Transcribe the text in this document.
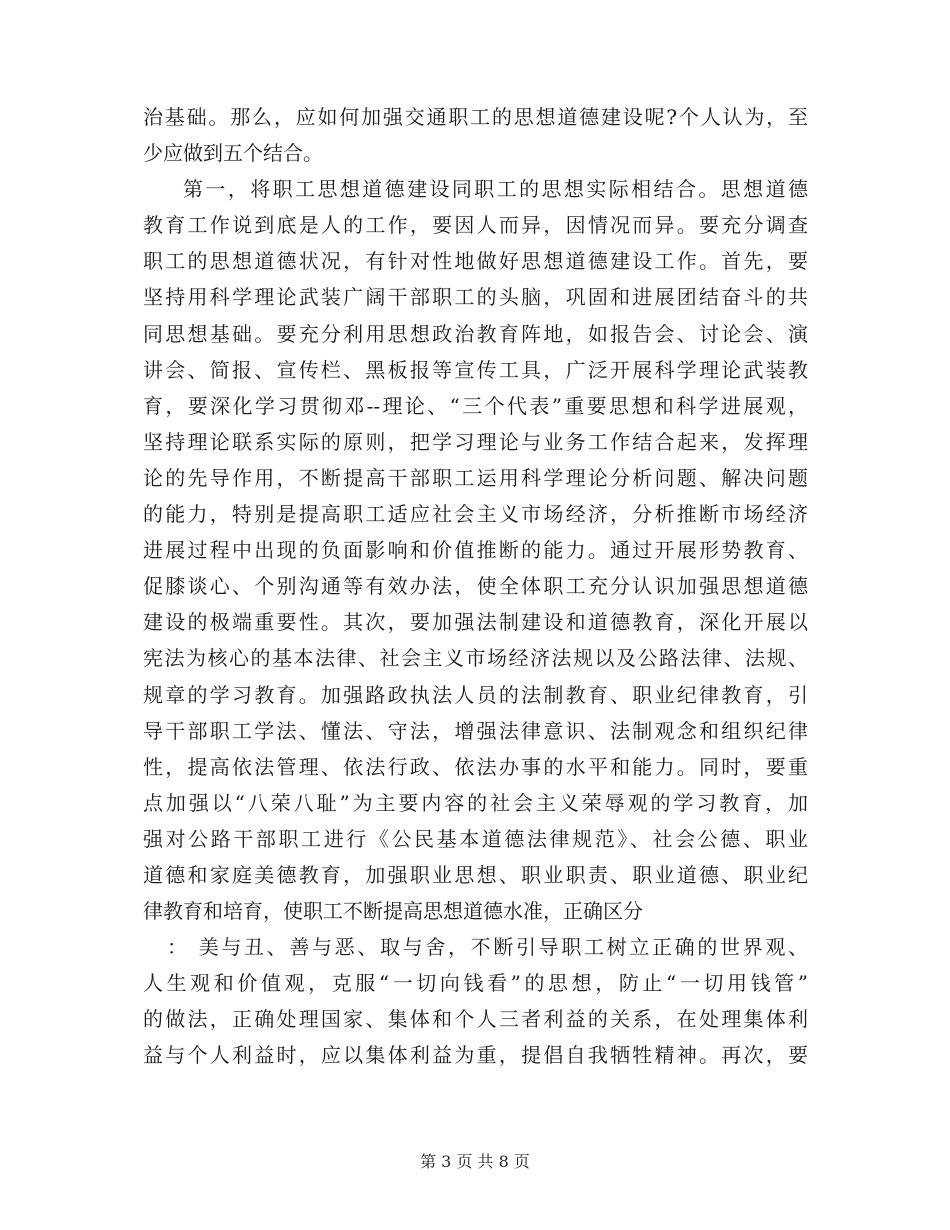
治基础。那么，应如何加强交通职工的思想道德建设呢?个人认为，至
少应做到五个结合。
第一，将职工思想道德建设同职工的思想实际相结合。思想道德
教育工作说到底是人的工作，要因人而异，因情况而异。要充分调查
职工的思想道德状况，有针对性地做好思想道德建设工作。首先，要
坚持用科学理论武装广阔干部职工的头脑，巩固和进展团结奋斗的共
同思想基础。要充分利用思想政治教育阵地，如报告会、讨论会、演
讲会、简报、宣传栏、黑板报等宣传工具，广泛开展科学理论武装教
育，要深化学习贯彻邓--理论、“三个代表”重要思想和科学进展观，
坚持理论联系实际的原则，把学习理论与业务工作结合起来，发挥理
论的先导作用，不断提高干部职工运用科学理论分析问题、解决问题
的能力，特别是提高职工适应社会主义市场经济，分析推断市场经济
进展过程中出现的负面影响和价值推断的能力。通过开展形势教育、
促膝谈心、个别沟通等有效办法，使全体职工充分认识加强思想道德
建设的极端重要性。其次，要加强法制建设和道德教育，深化开展以
宪法为核心的基本法律、社会主义市场经济法规以及公路法律、法规、
规章的学习教育。加强路政执法人员的法制教育、职业纪律教育，引
导干部职工学法、懂法、守法，增强法律意识、法制观念和组织纪律
性，提高依法管理、依法行政、依法办事的水平和能力。同时，要重
点加强以“八荣八耻”为主要内容的社会主义荣辱观的学习教育，加
强对公路干部职工进行《公民基本道德法律规范》、社会公德、职业
道德和家庭美德教育，加强职业思想、职业职责、职业道德、职业纪
律教育和培育，使职工不断提高思想道德水准，正确区分
： 美与丑、善与恶、取与舍，不断引导职工树立正确的世界观、
人生观和价值观，克服“一切向钱看”的思想，防止“一切用钱管”
的做法，正确处理国家、集体和个人三者利益的关系，在处理集体利
益与个人利益时，应以集体利益为重，提倡自我牺牲精神。再次，要
第 3 页 共 8 页
